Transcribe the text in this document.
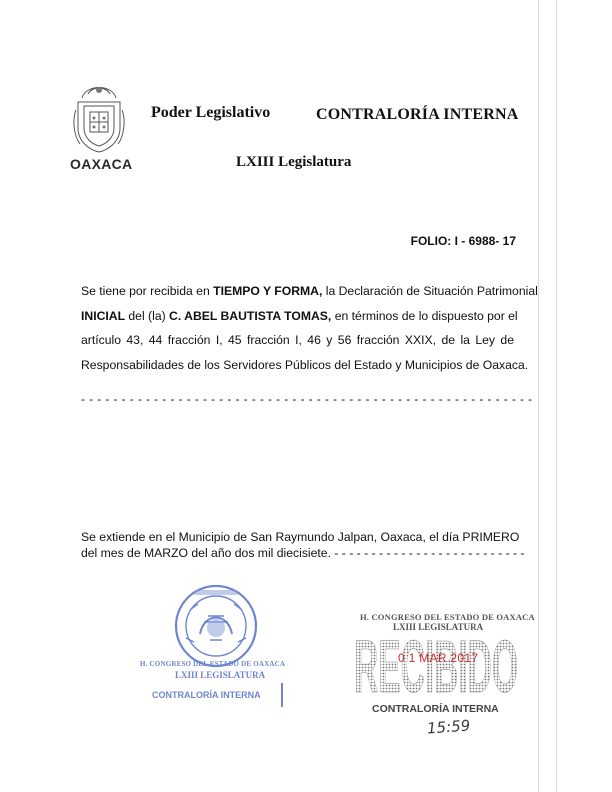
OAXACA
Poder Legislativo	CONTRALORÍA INTERNA
LXIII Legislatura
FOLIO: I - 6988- 17
Se tiene por recibida en TIEMPO Y FORMA, la Declaración de Situación Patrimonial
INICIAL del (la) C. ABEL BAUTISTA TOMAS, en términos de lo dispuesto por el
artículo 43, 44 fracción I, 45 fracción I, 46 y 56 fracción XXIX, de la Ley de
Responsabilidades de los Servidores Públicos del Estado y Municipios de Oaxaca.
- - - - - - - - - - - - - - - - - - - - - - - - - - - - - - - - - - - - - - - - - - - - - - - - - - - - - - - -
Se extiende en el Municipio de San Raymundo Jalpan, Oaxaca, el día PRIMERO
del mes de MARZO del año dos mil diecisiete. - - - - - - - - - - - - - - - - - - - - - - - - - -
H. CONGRESO DEL ESTADO DE OAXACA
LXIII LEGISLATURA
CONTRALORÍA INTERNA
H. CONGRESO DEL ESTADO DE OAXACA
LXIII LEGISLATURA
RECIBIDO
0 1 MAR 2017
CONTRALORÍA INTERNA
15:59
